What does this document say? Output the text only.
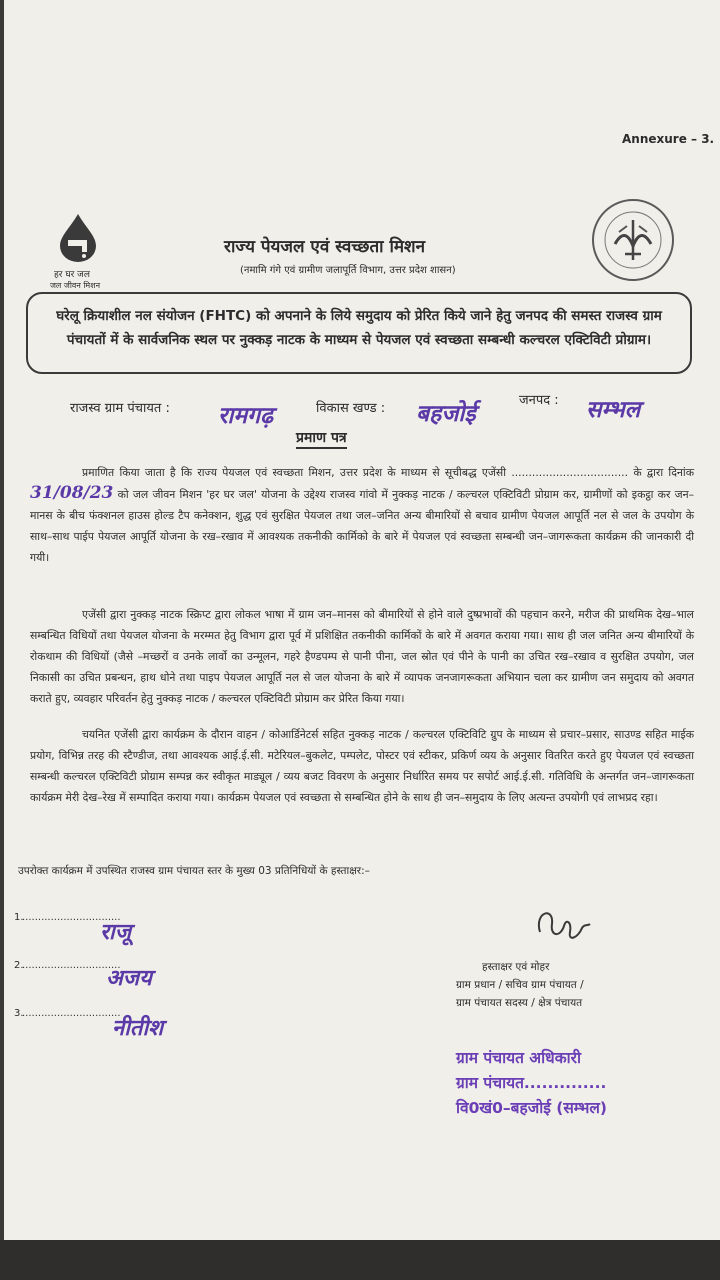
Annexure – 3.
हर घर जल
जल जीवन मिशन
राज्य पेयजल एवं स्वच्छता मिशन
(नमामि गंगे एवं ग्रामीण जलापूर्ति विभाग, उत्तर प्रदेश शासन)
घरेलू क्रियाशील नल संयोजन (FHTC) को अपनाने के लिये समुदाय को प्रेरित किये जाने हेतु जनपद की समस्त राजस्व ग्राम पंचायतों में के सार्वजनिक स्थल पर नुक्कड़ नाटक के माध्यम से पेयजल एवं स्वच्छता सम्बन्धी कल्चरल एक्टिविटी प्रोग्राम।
राजस्व ग्राम पंचायत : रामगढ़	विकास खण्ड : बहजोई	जनपद : सम्भल
प्रमाण पत्र
प्रमाणित किया जाता है कि राज्य पेयजल एवं स्वच्छता मिशन, उत्तर प्रदेश के माध्यम से सूचीबद्ध एजेंसी .................................. के द्वारा दिनांक 31/08/23 को जल जीवन मिशन 'हर घर जल' योजना के उद्देश्य राजस्व गांवो में नुक्कड़ नाटक / कल्चरल एक्टिविटी प्रोग्राम कर, ग्रामीणों को इकट्ठा कर जन–मानस के बीच फंक्शनल हाउस होल्ड टैप कनेक्शन, शुद्ध एवं सुरक्षित पेयजल तथा जल–जनित अन्य बीमारियों से बचाव ग्रामीण पेयजल आपूर्ति नल से जल के उपयोग के साथ–साथ पाईप पेयजल आपूर्ति योजना के रख–रखाव में आवश्यक तकनीकी कार्मिको के बारे में पेयजल एवं स्वच्छता सम्बन्धी जन–जागरूकता कार्यक्रम की जानकारी दी गयी।
एजेंसी द्वारा नुक्कड़ नाटक स्क्रिप्ट द्वारा लोकल भाषा में ग्राम जन–मानस को बीमारियों से होने वाले दुष्प्रभावों की पहचान करने, मरीज की प्राथमिक देख–भाल सम्बन्धित विधियों तथा पेयजल योजना के मरम्मत हेतु विभाग द्वारा पूर्व में प्रशिक्षित तकनीकी कार्मिकों के बारे में अवगत कराया गया। साथ ही जल जनित अन्य बीमारियों के रोकथाम की विधियों (जैसे –मच्छरों व उनके लार्वो का उन्मूलन, गहरे हैण्डपम्प से पानी पीना, जल स्रोत एवं पीने के पानी का उचित रख–रखाव व सुरक्षित उपयोग, जल निकासी का उचित प्रबन्धन, हाथ धोने तथा पाइप पेयजल आपूर्ति नल से जल योजना के बारे में व्यापक जनजागरूकता अभियान चला कर ग्रामीण जन समुदाय को अवगत कराते हुए, व्यवहार परिवर्तन हेतु नुक्कड़ नाटक / कल्चरल एक्टिविटी प्रोग्राम कर प्रेरित किया गया।
चयनित एजेंसी द्वारा कार्यक्रम के दौरान वाहन / कोआर्डिनेटर्स सहित नुक्कड़ नाटक / कल्चरल एक्टिविटि ग्रुप के माध्यम से प्रचार–प्रसार, साउण्ड सहित माईक प्रयोग, विभिन्न तरह की स्टैण्डीज, तथा आवश्यक आई.ई.सी. मटेरियल–बुकलेट, पम्पलेट, पोस्टर एवं स्टीकर, प्रकिर्ण व्यय के अनुसार वितरित करते हुए पेयजल एवं स्वच्छता सम्बन्धी कल्चरल एक्टिविटी प्रोग्राम सम्पन्न कर स्वीकृत माड्यूल / व्यय बजट विवरण के अनुसार निर्धारित समय पर सपोर्ट आई.ई.सी. गतिविधि के अन्तर्गत जन–जागरूकता कार्यक्रम मेरी देख–रेख में सम्पादित कराया गया। कार्यक्रम पेयजल एवं स्वच्छता से सम्बन्धित होने के साथ ही जन–समुदाय के लिए अत्यन्त उपयोगी एवं लाभप्रद रहा।
उपरोक्त कार्यक्रम में उपस्थित राजस्व ग्राम पंचायत स्तर के मुख्य 03 प्रतिनिधियों के हस्ताक्षर:–
1.
...............................
राजू
2.
...............................
अजय
3.
...............................
नीतीश
हस्ताक्षर एवं मोहर
ग्राम प्रधान / सचिव ग्राम पंचायत /
ग्राम पंचायत सदस्य / क्षेत्र पंचायत
ग्राम पंचायत अधिकारी
ग्राम पंचायत..............
वि0खं0–बहजोई (सम्भल)
